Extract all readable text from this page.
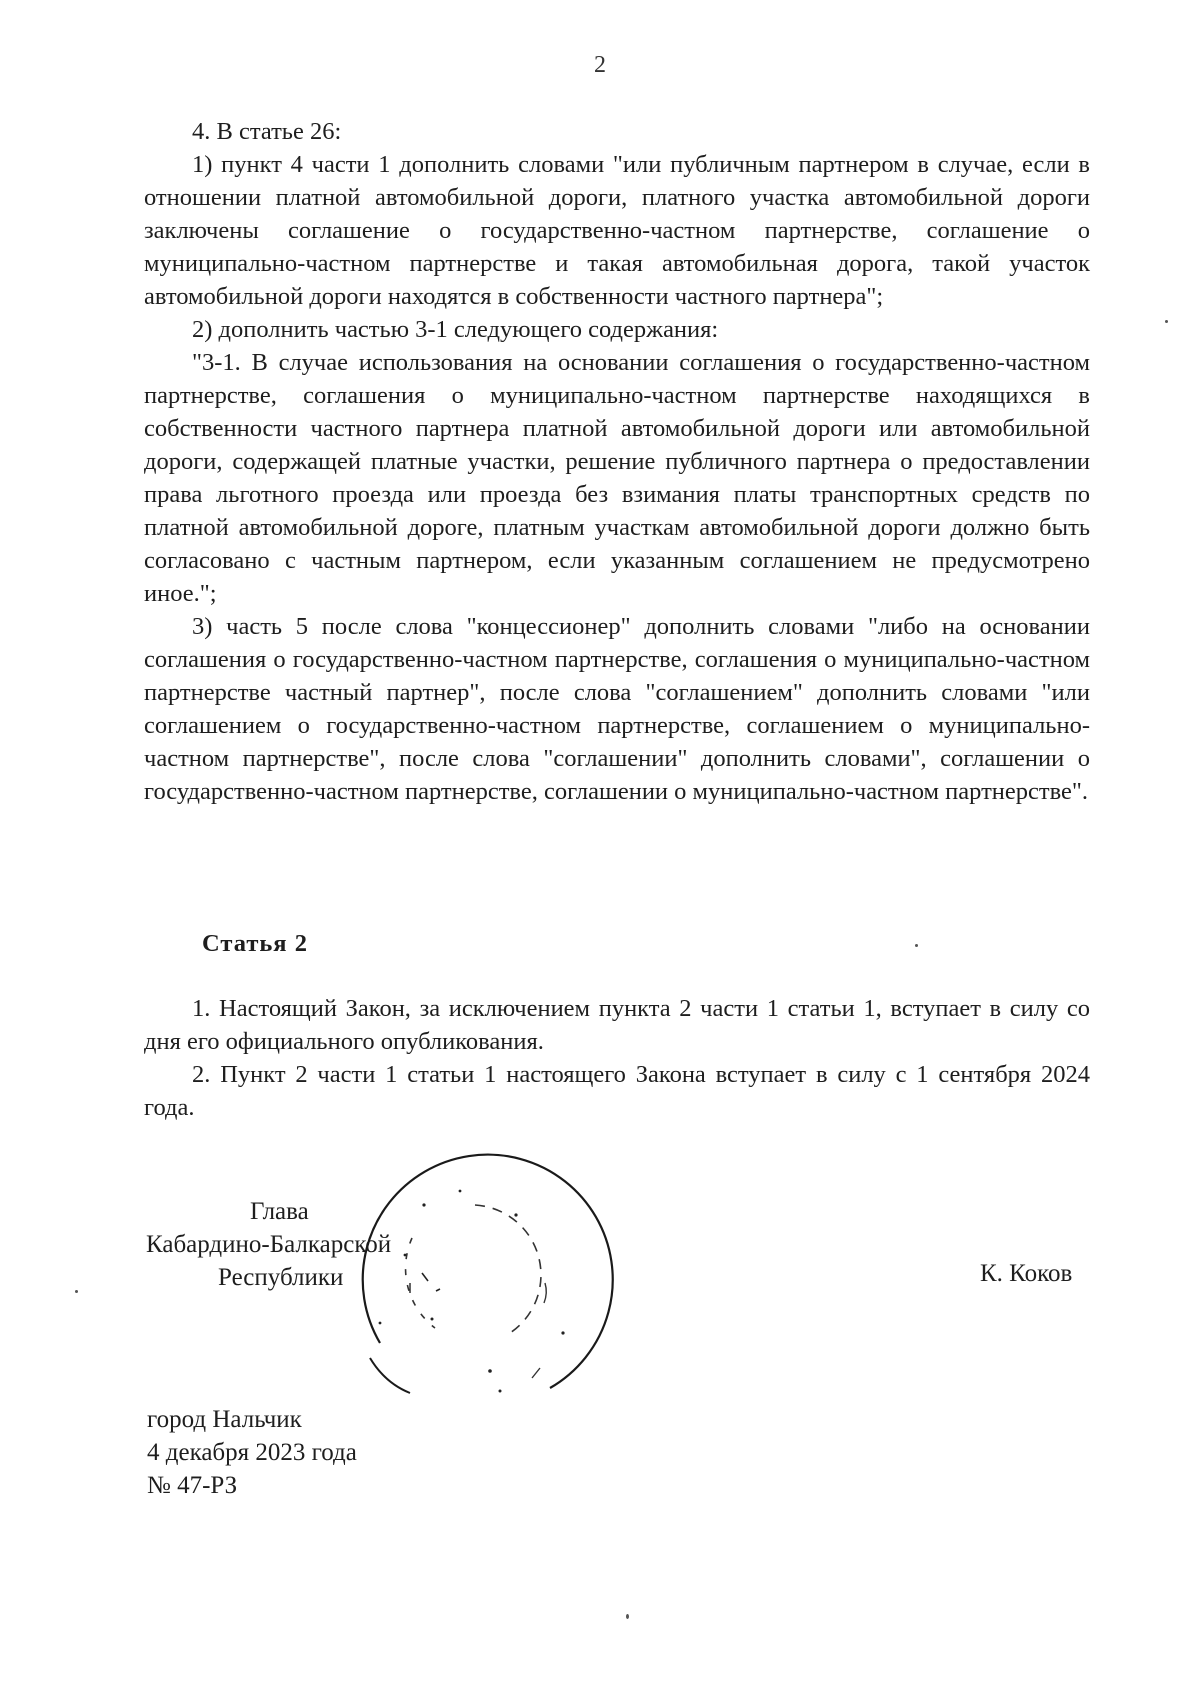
2

4. В статье 26:

1) пункт 4 части 1 дополнить словами "или публичным партнером в случае, если в отношении платной автомобильной дороги, платного участка автомобильной дороги заключены соглашение о государственно-частном партнерстве, соглашение о муниципально-частном партнерстве и такая автомобильная дорога, такой участок автомобильной дороги находятся в собственности частного партнера";

2) дополнить частью 3-1 следующего содержания:

"3-1. В случае использования на основании соглашения о государственно-частном партнерстве, соглашения о муниципально-частном партнерстве находящихся в собственности частного партнера платной автомобильной дороги или автомобильной дороги, содержащей платные участки, решение публичного партнера о предоставлении права льготного проезда или проезда без взимания платы транспортных средств по платной автомобильной дороге, платным участкам автомобильной дороги должно быть согласовано с частным партнером, если указанным соглашением не предусмотрено иное.";

3) часть 5 после слова "концессионер" дополнить словами "либо на основании соглашения о государственно-частном партнерстве, соглашения о муниципально-частном партнерстве частный партнер", после слова "соглашением" дополнить словами "или соглашением о государственно-частном партнерстве, соглашением о муниципально-частном партнерстве", после слова "соглашении" дополнить словами", соглашении о государственно-частном партнерстве, соглашении о муниципально-частном партнерстве".

Статья 2

1. Настоящий Закон, за исключением пункта 2 части 1 статьи 1, вступает в силу со дня его официального опубликования.

2. Пункт 2 части 1 статьи 1 настоящего Закона вступает в силу с 1 сентября 2024 года.

Глава
Кабардино-Балкарской
Республики	К. Коков
город Нальчик
4 декабря 2023 года
№ 47-РЗ
